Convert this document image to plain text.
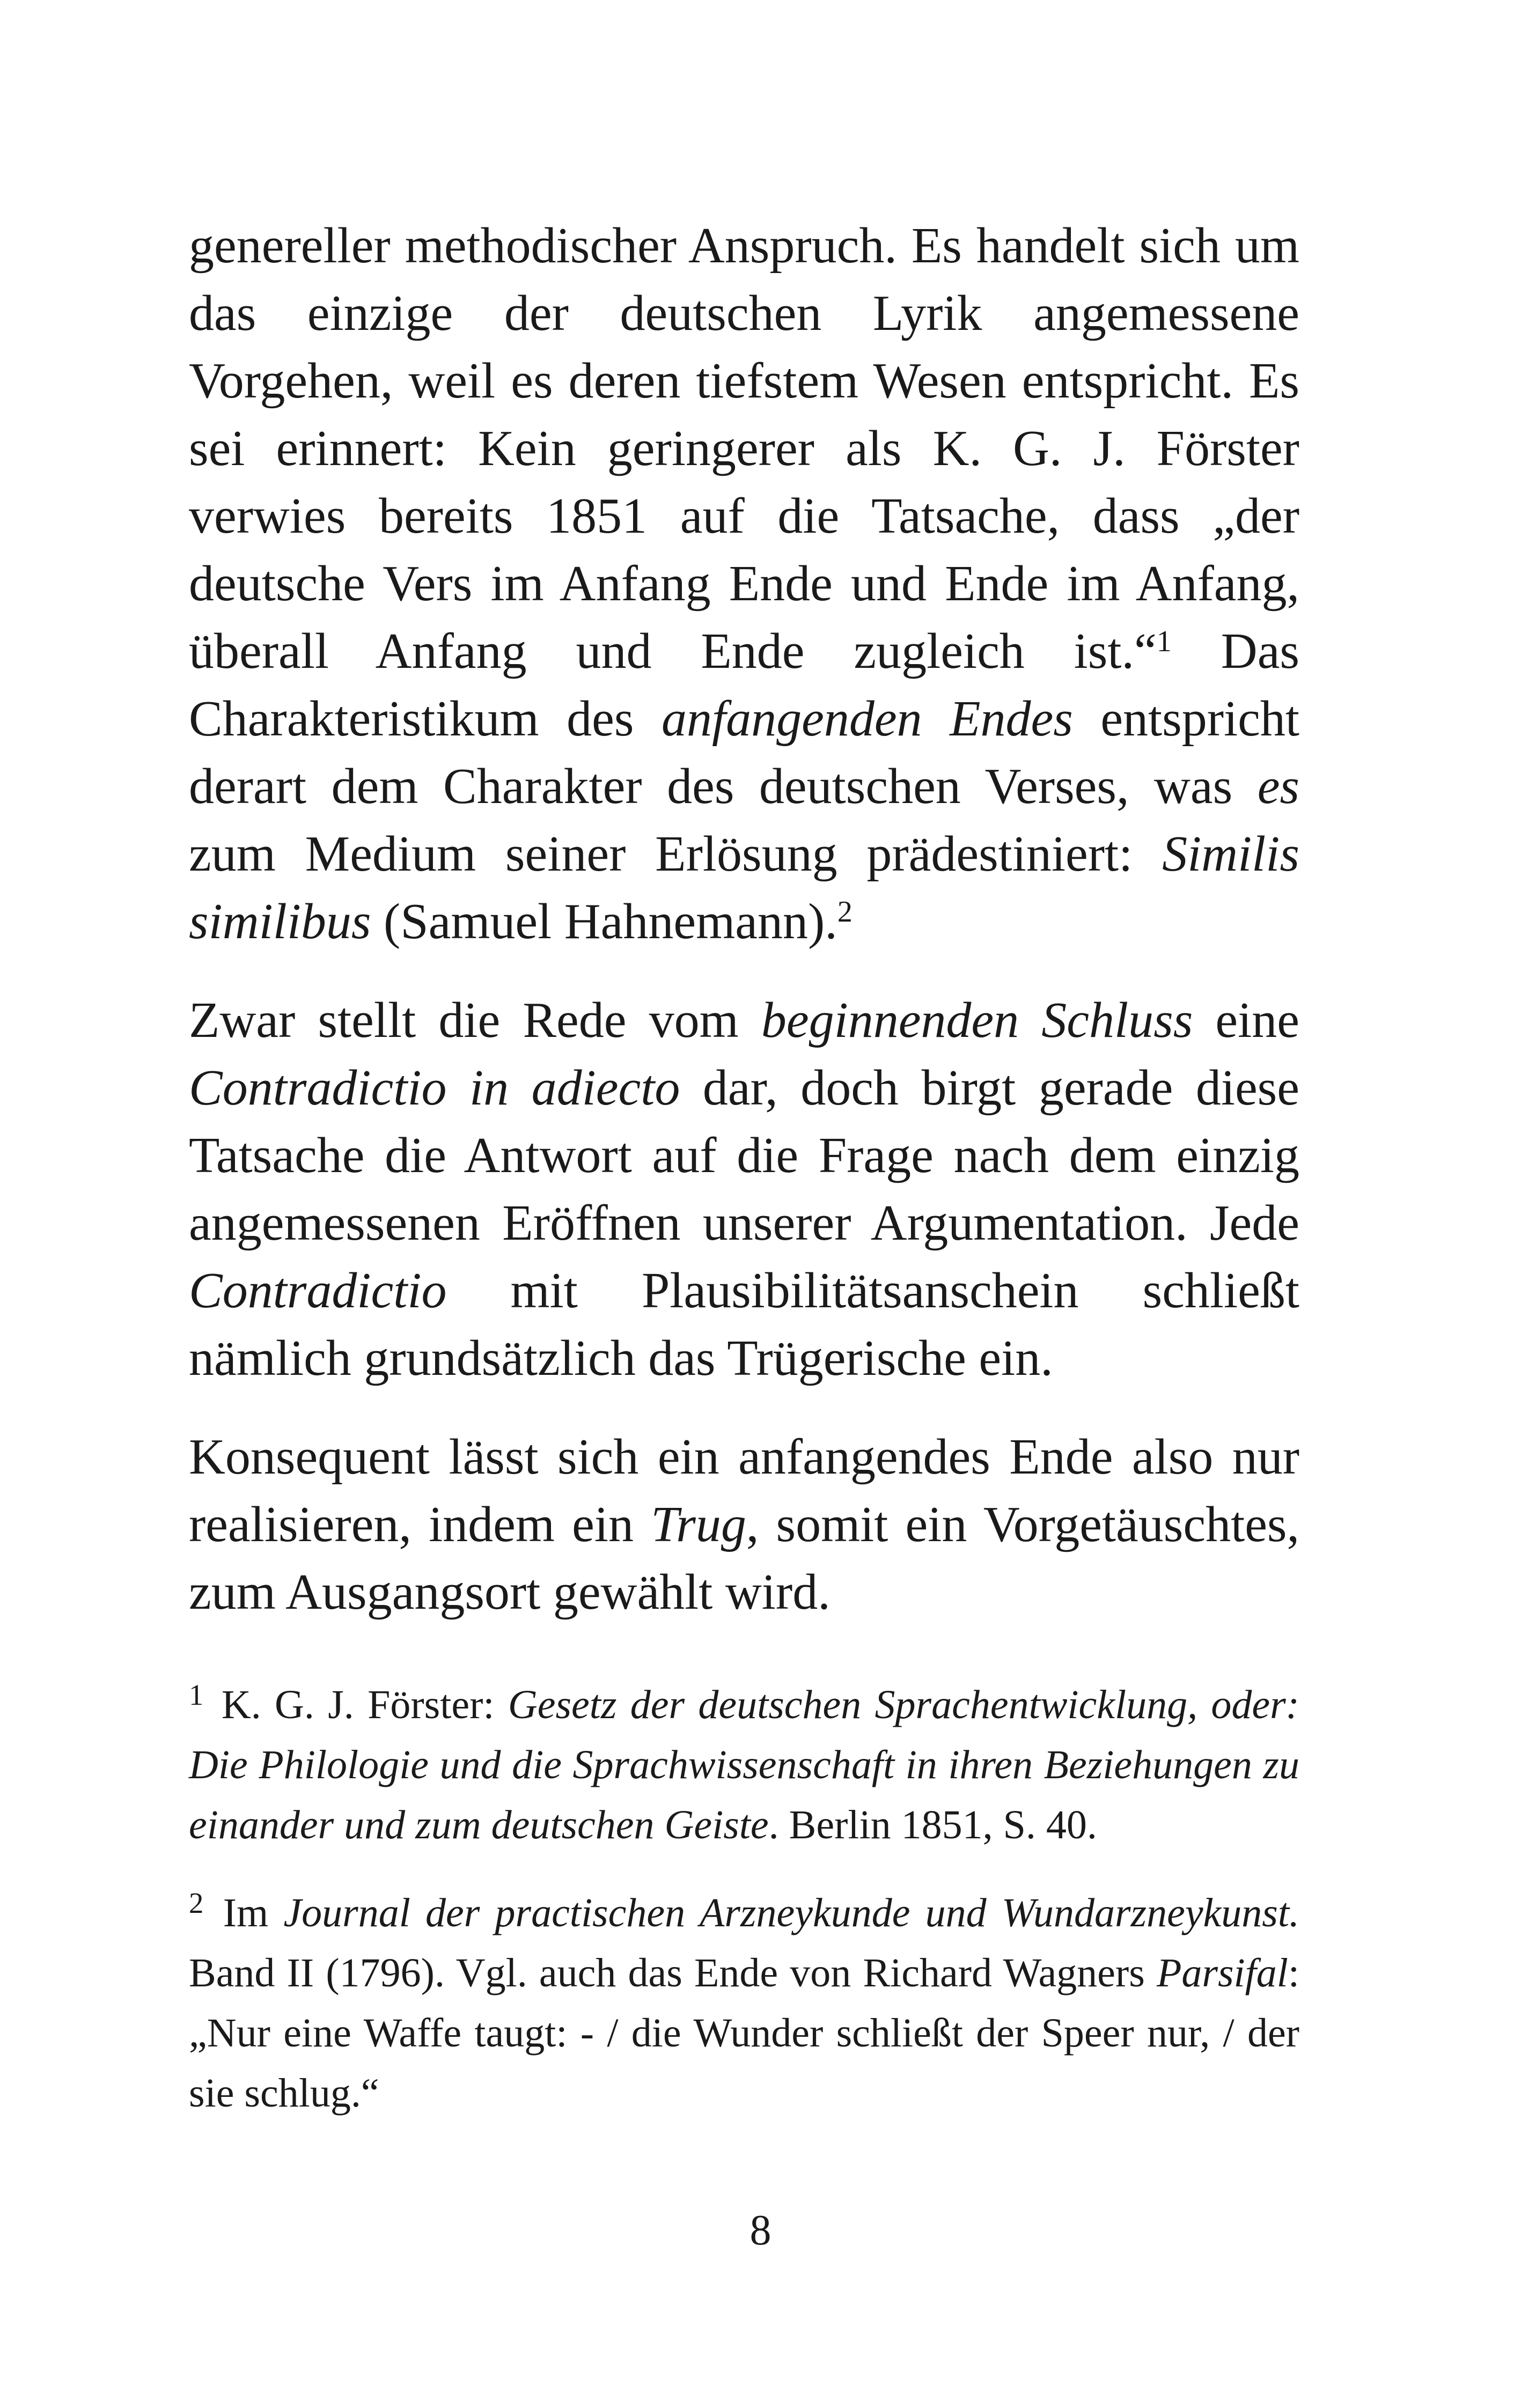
genereller methodischer Anspruch. Es handelt sich um das einzige der deutschen Lyrik angemessene Vorgehen, weil es deren tiefstem Wesen entspricht. Es sei erinnert: Kein geringerer als K. G. J. Förster verwies bereits 1851 auf die Tatsache, dass „der deutsche Vers im Anfang Ende und Ende im Anfang, überall Anfang und Ende zugleich ist.“$^1$ Das Charakteristikum des anfangenden Endes entspricht derart dem Charakter des deutschen Verses, was es zum Medium seiner Erlösung prädestiniert: Similis similibus (Samuel Hahnemann).$^2$

Zwar stellt die Rede vom beginnenden Schluss eine Contradictio in adiecto dar, doch birgt gerade diese Tatsache die Antwort auf die Frage nach dem einzig angemessenen Eröffnen unserer Argumentation. Jede Contradictio mit Plausibilitätsanschein schließt nämlich grundsätzlich das Trügerische ein.

Konsequent lässt sich ein anfangendes Ende also nur realisieren, indem ein Trug, somit ein Vorgetäuschtes, zum Ausgangsort gewählt wird.

$^1$ K. G. J. Förster: Gesetz der deutschen Sprachentwicklung, oder: Die Philologie und die Sprachwissenschaft in ihren Beziehungen zu einander und zum deutschen Geiste. Berlin 1851, S. 40.

$^2$ Im Journal der practischen Arzneykunde und Wundarzneykunst. Band II (1796). Vgl. auch das Ende von Richard Wagners Parsifal: „Nur eine Waffe taugt: - / die Wunder schließt der Speer nur, / der sie schlug.“

8
